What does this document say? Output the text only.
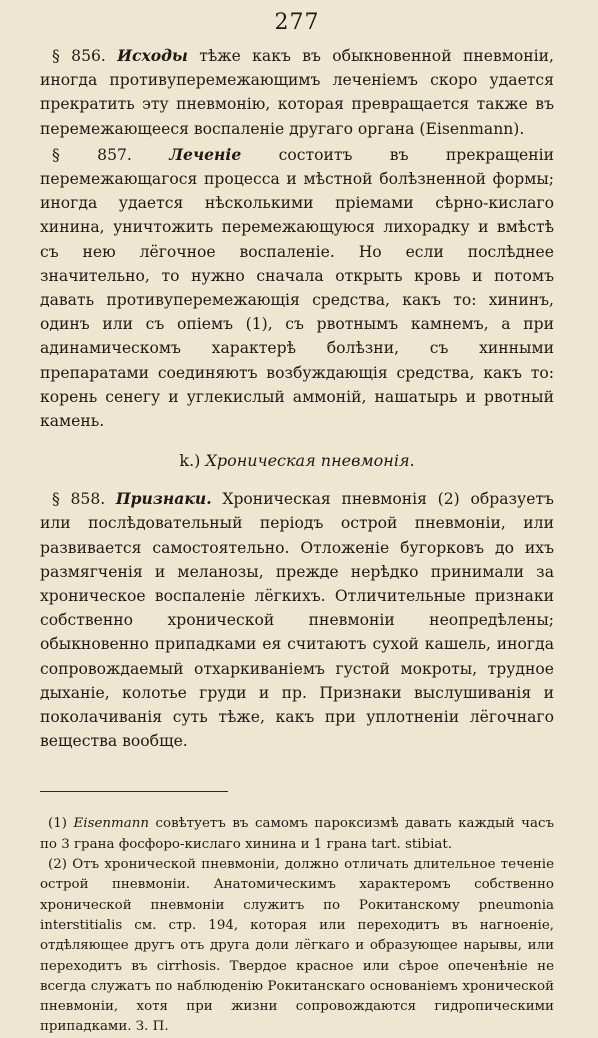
277

§ 856. Исходы тѣже какъ въ обыкновенной пневмонiи, иногда противуперемежающимъ леченiемъ скоро удается прекратить эту пневмонiю, которая превращается также въ перемежающееся воспаленiе другаго органа (Eisenmann).

§ 857. Леченiе состоитъ въ прекращенiи перемежающагося процесса и мѣстной болѣзненной формы; иногда удается нѣсколькими прiемами сѣрно-кислаго хинина, уничтожить перемежающуюся лихорадку и вмѣстѣ съ нею лёгочное воспаленiе. Но если послѣднее значительно, то нужно сначала открыть кровь и потомъ давать противуперемежающiя средства, какъ то: хининъ, одинъ или съ опiемъ (1), съ рвотнымъ камнемъ, а при адинамическомъ характерѣ болѣзни, съ хинными препаратами соединяютъ возбуждающiя средства, какъ то: корень сенегу и углекислый аммонiй, нашатырь и рвотный камень.

k.) Хроническая пневмонiя.

§ 858. Признаки. Хроническая пневмонiя (2) образуетъ или послѣдовательный перiодъ острой пневмонiи, или развивается самостоятельно. Отложенiе бугорковъ до ихъ размягченiя и меланозы, прежде нерѣдко принимали за хроническое воспаленiе лёгкихъ. Отличительные признаки собственно хронической пневмонiи неопредѣлены; обыкновенно припадками ея считаютъ сухой кашель, иногда сопровождаемый отхаркиванiемъ густой мокроты, трудное дыханiе, колотье груди и пр. Признаки выслушиванiя и поколачиванiя суть тѣже, какъ при уплотненiи лёгочнаго вещества вообще.

(1) Eisenmann совѣтуетъ въ самомъ пароксизмѣ давать каждый часъ по 3 грана фосфоро-кислаго хинина и 1 грана tart. stibiat.

(2) Отъ хронической пневмонiи, должно отличать длительное теченiе острой пневмонiи. Анатомическимъ характеромъ собственно хронической пневмонiи служитъ по Рокитанскому pneumonia interstitialis см. стр. 194, которая или переходитъ въ нагноенiе, отдѣляющее другъ отъ друга доли лёгкаго и образующее нарывы, или переходитъ въ cirrhosis. Твердое красное или сѣрое опеченѣнiе не всегда служатъ по наблюденiю Рокитанскаго основанiемъ хронической пневмонiи, хотя при жизни сопровождаются гидропическими припадками. З. П.
